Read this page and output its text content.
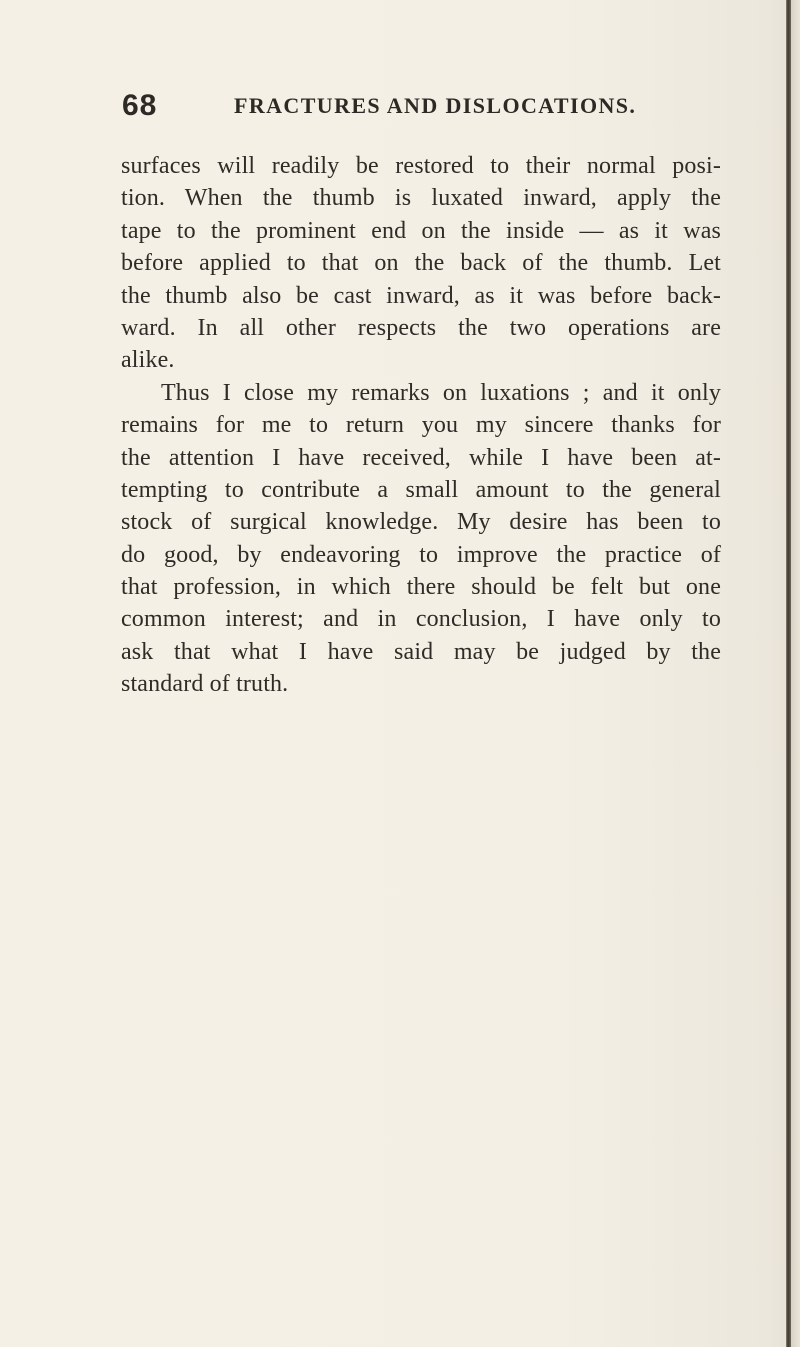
68	FRACTURES AND DISLOCATIONS.
surfaces will readily be restored to their normal posi-
tion. When the thumb is luxated inward, apply the
tape to the prominent end on the inside — as it was
before applied to that on the back of the thumb. Let
the thumb also be cast inward, as it was before back-
ward. In all other respects the two operations are
alike.
Thus I close my remarks on luxations ; and it only
remains for me to return you my sincere thanks for
the attention I have received, while I have been at-
tempting to contribute a small amount to the general
stock of surgical knowledge. My desire has been to
do good, by endeavoring to improve the practice of
that profession, in which there should be felt but one
common interest; and in conclusion, I have only to
ask that what I have said may be judged by the
standard of truth.
